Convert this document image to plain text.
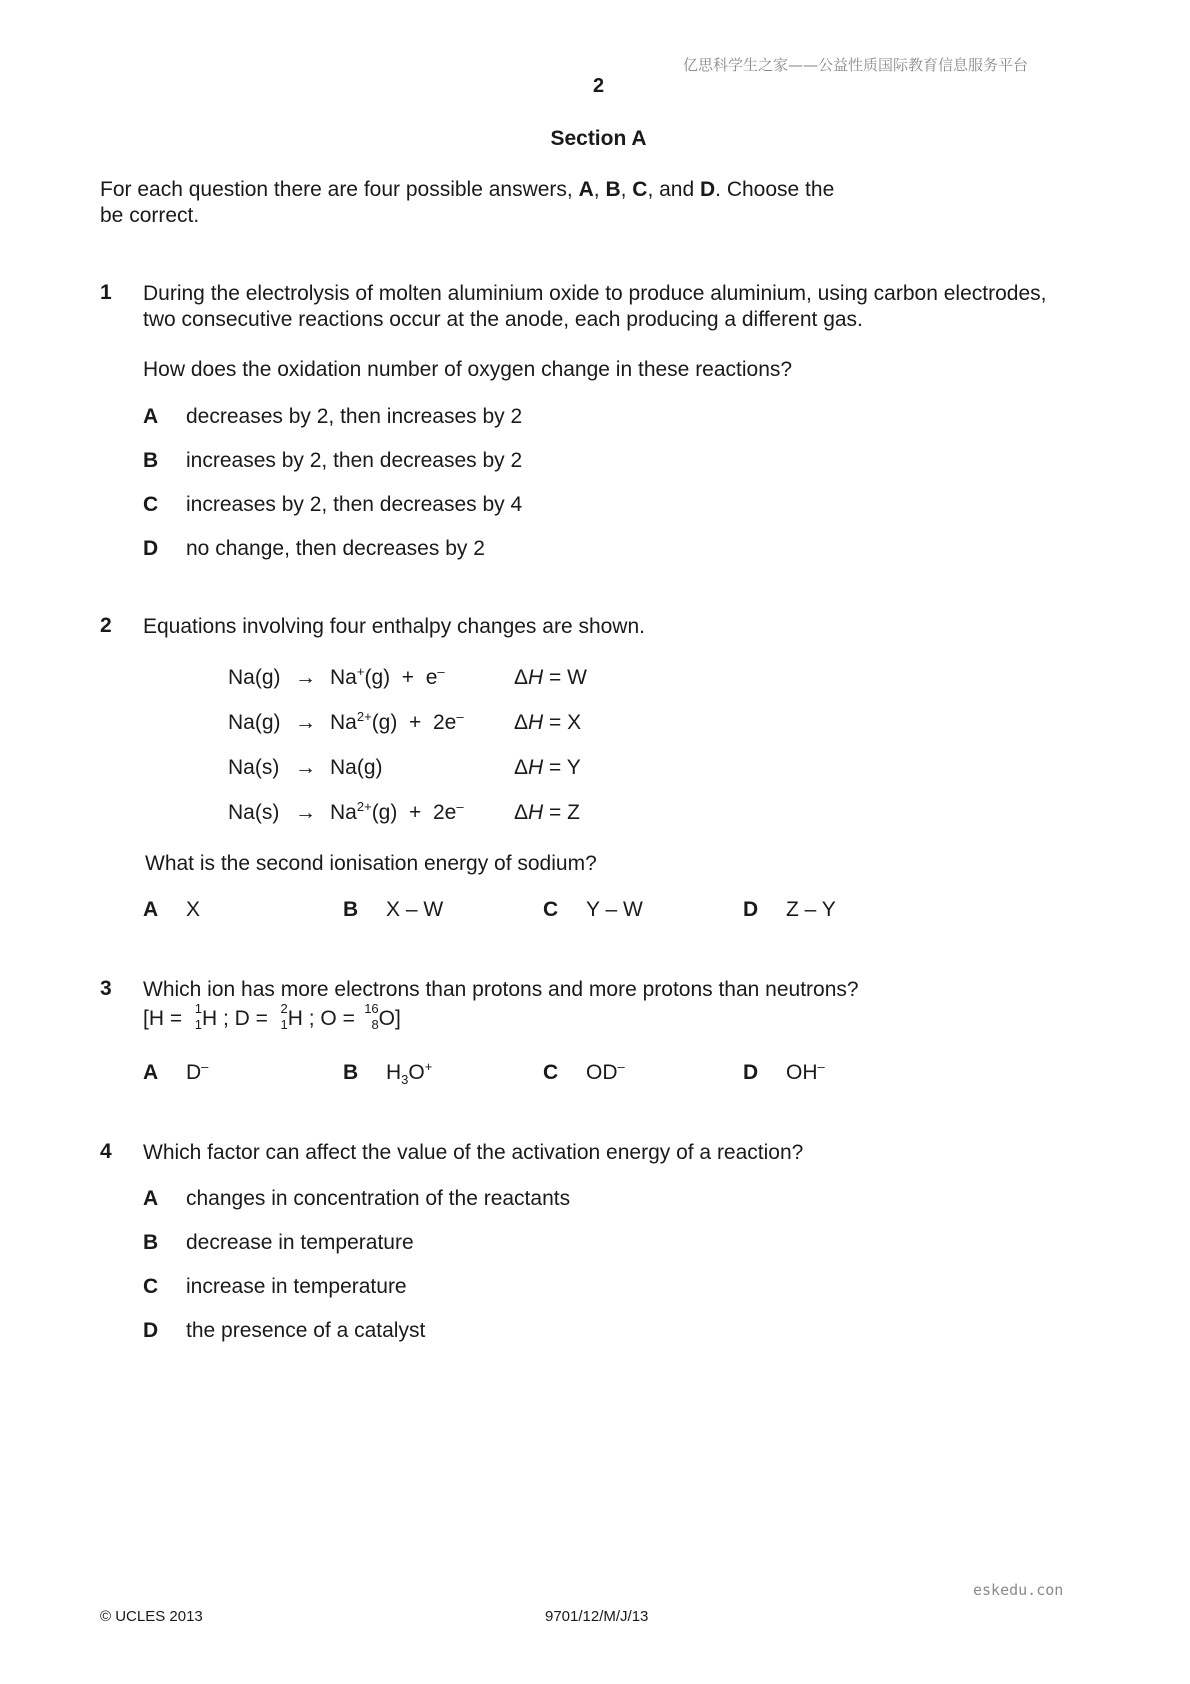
亿思科学生之家——公益性质国际教育信息服务平台
2
Section A
For each question there are four possible answers, A, B, C, and D. Choose the
be correct.
1 During the electrolysis of molten aluminium oxide to produce aluminium, using carbon electrodes,
two consecutive reactions occur at the anode, each producing a different gas.
How does the oxidation number of oxygen change in these reactions?
A decreases by 2, then increases by 2
B increases by 2, then decreases by 2
C increases by 2, then decreases by 4
D no change, then decreases by 2
2 Equations involving four enthalpy changes are shown.
Na(g) → Na+(g)  +  e–	ΔH = W
$Na(g) \to Na^{2+}(g) + 2e^-$ ΔH = X
Na(s) → Na(g)	ΔH = Y
$Na(s) \to Na^{2+}(g) + 2e^-$ ΔH = Z
What is the second ionisation energy of sodium?
A X	B X – W	C Y – W	D Z – Y
3 Which ion has more electrons than protons and more protons than neutrons?
[H = 1
1 H ; D = 2
1 H ; O = 16
8 O]
A D–	B $H_3O^+$	C OD–	D OH–
4 Which factor can affect the value of the activation energy of a reaction?
A changes in concentration of the reactants
B decrease in temperature
C increase in temperature
D the presence of a catalyst
eskedu.con
© UCLES 2013	9701/12/M/J/13
